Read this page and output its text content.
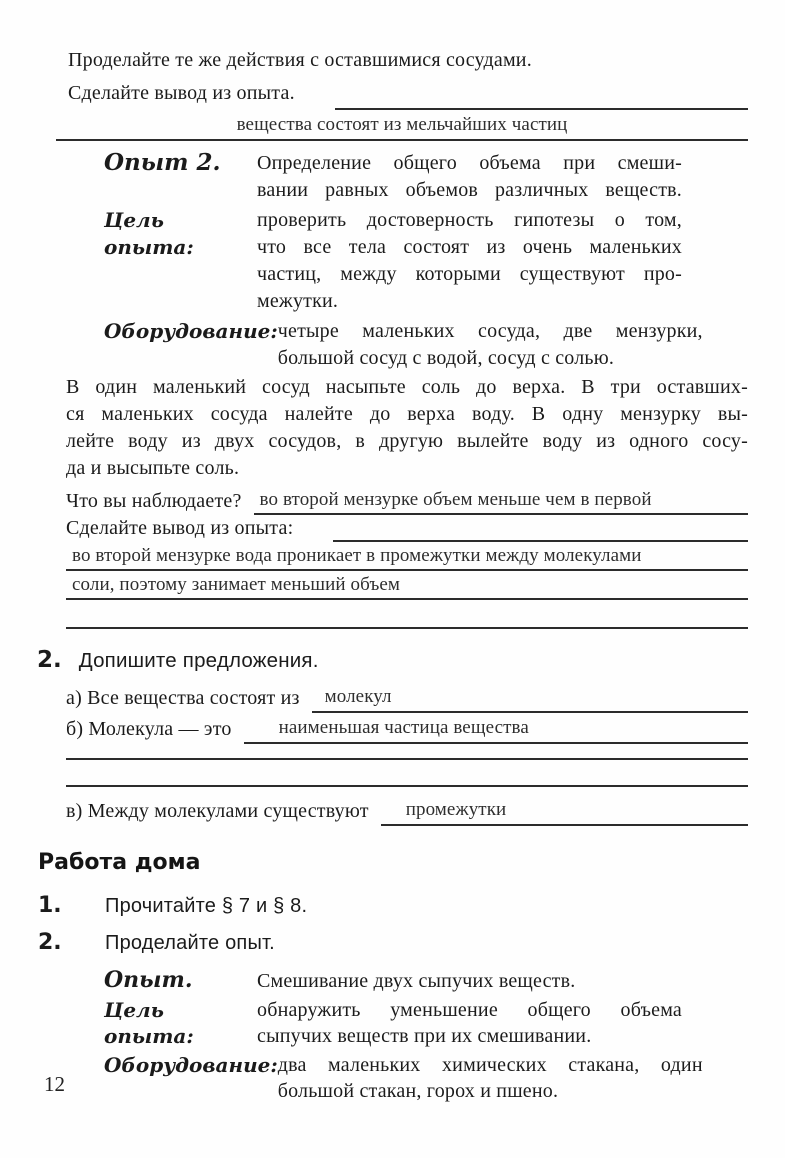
Проделайте те же действия с оставшимися сосудами.

Сделайте вывод из опыта.
вещества состоят из мельчайших частиц
Опыт 2.	Определение общего объема при смеши-
вании равных объемов различных веществ.
Цель опыта:
проверить достоверность гипотезы о том,
что все тела состоят из очень маленьких
частиц, между которыми существуют про-
межутки.
Оборудование: четыре маленьких сосуда, две мензурки,
большой сосуд с водой, сосуд с солью.
В один маленький сосуд насыпьте соль до верха. В три оставших-
ся маленьких сосуда налейте до верха воду. В одну мензурку вы-
лейте воду из двух сосудов, в другую вылейте воду из одного сосу-
да и высыпьте соль.
Что вы наблюдаете? во второй мензурке объем меньше чем в первой
Сделайте вывод из опыта:
во второй мензурке вода проникает в промежутки между молекулами
соли, поэтому занимает меньший объем
2. Допишите предложения.
а) Все вещества состоят из	молекул
б) Молекула — это	наименьшая частица вещества
в) Между молекулами существуют	промежутки
Работа дома
1.	Прочитайте § 7 и § 8.
2.	Проделайте опыт.
Опыт.	Смешивание двух сыпучих веществ.
Цель опыта:
обнаружить уменьшение общего объема
сыпучих веществ при их смешивании.
Оборудование: два маленьких химических стакана, один
большой стакан, горох и пшено.
12
